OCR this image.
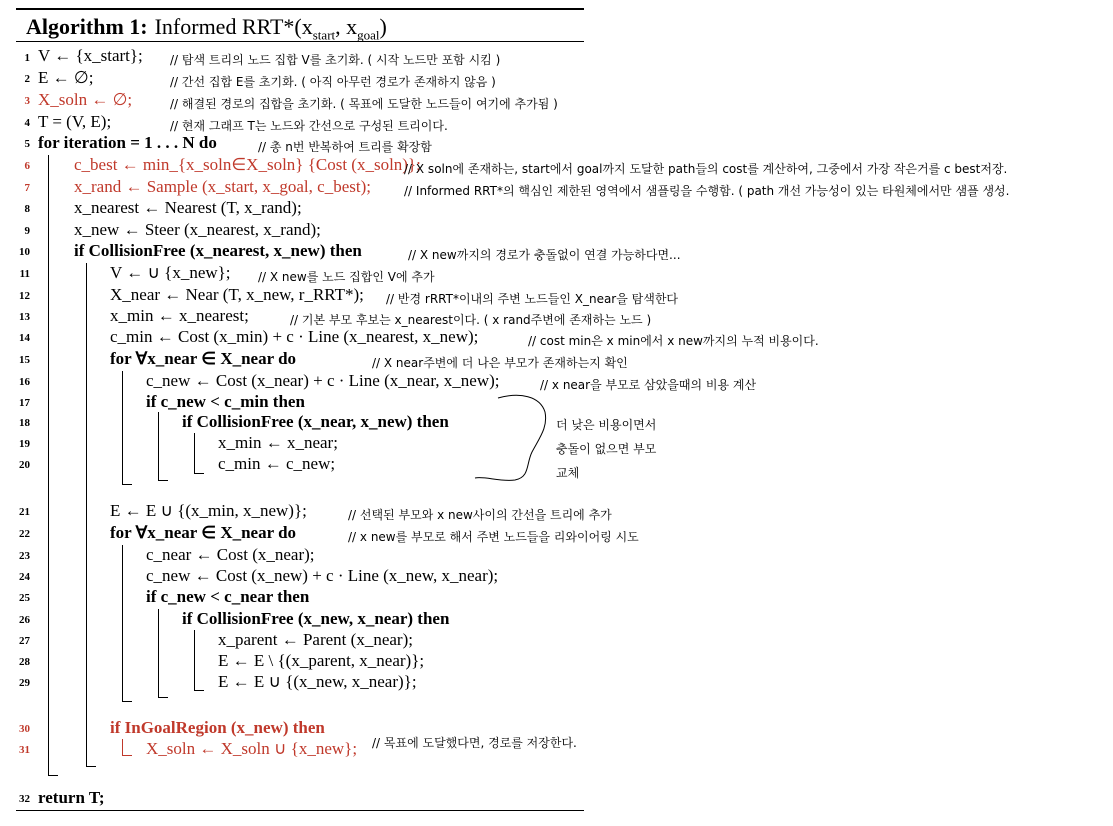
Algorithm 1: Informed $RRT*(x_{start}$, $x_{goal}$)
1
2
3
4
5
6
7
8
9
10
11
12
13
14
15
16
17
18
19
20
21
22
23
24
25
26
27
28
29
30
31
32
V ← {x_start};
E ← ∅;
X_soln ← ∅;
T = (V, E);
for iteration = 1 . . . N do
c_best ← min_{x_soln∈X_soln} {Cost (x_soln)};
x_rand ← Sample (x_start, x_goal, c_best);
x_nearest ← Nearest (T, x_rand);
x_new ← Steer (x_nearest, x_rand);
if CollisionFree (x_nearest, x_new) then
V ← ∪ {x_new};
X_near ← Near (T, x_new, r_RRT*);
x_min ← x_nearest;
c_min ← Cost (x_min) + c · Line (x_nearest, x_new);
for ∀x_near ∈ X_near do
c_new ← Cost (x_near) + c · Line (x_near, x_new);
if c_new < c_min then
if CollisionFree (x_near, x_new) then
x_min ← x_near;
c_min ← c_new;
E ← E ∪ {(x_min, x_new)};
for ∀x_near ∈ X_near do
c_near ← Cost (x_near);
c_new ← Cost (x_new) + c · Line (x_new, x_near);
if c_new < c_near then
if CollisionFree (x_new, x_near) then
x_parent ← Parent (x_near);
E ← E \ {(x_parent, x_near)};
E ← E ∪ {(x_new, x_near)};
if InGoalRegion (x_new) then
X_soln ← X_soln ∪ {x_new};
return T;
// 탐색 트리의 노드 집합 V를 초기화. ( 시작 노드만 포함 시킴 )
// 간선 집합 E를 초기화. ( 아직 아무런 경로가 존재하지 않음 )
// 해결된 경로의 집합을 초기화. ( 목표에 도달한 노드들이 여기에 추가됨 )
// 현재 그래프 T는 노드와 간선으로 구성된 트리이다.
// 총 n번 반복하여 트리를 확장함
// X soln에 존재하는, start에서 goal까지 도달한 path들의 cost를 계산하여, 그중에서 가장 작은거를 c best저장.
// Informed RRT*의 핵심인 제한된 영역에서 샘플링을 수행함. ( path 개선 가능성이 있는 타원체에서만 샘플 생성.
// X new까지의 경로가 충돌없이 연결 가능하다면...
// X new를 노드 집합인 V에 추가
// 반경 rRRT*이내의 주변 노드들인 X_near을 탐색한다
// 기본 부모 후보는 x_nearest이다. ( x rand주변에 존재하는 노드 )
// cost min은 x min에서 x new까지의 누적 비용이다.
// X near주변에 더 나은 부모가 존재하는지 확인
// x near을 부모로 삼았을때의 비용 계산
// 선택된 부모와 x new사이의 간선을 트리에 추가
// x new를 부모로 해서 주변 노드들을 리와이어링 시도
// 목표에 도달했다면, 경로를 저장한다.
더 낮은 비용이면서
충돌이 없으면 부모
교체
